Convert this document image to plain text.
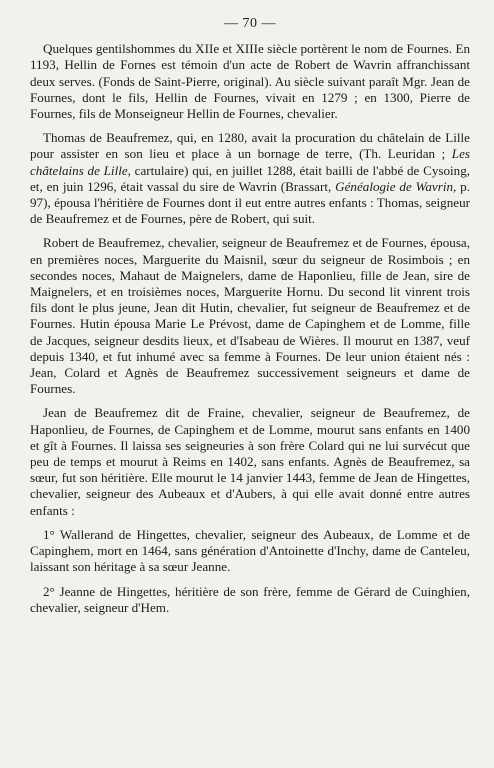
— 70 —

Quelques gentilshommes du XIIe et XIIIe siècle portèrent le nom de Fournes. En 1193, Hellin de Fornes est témoin d'un acte de Robert de Wavrin affranchissant deux serves. (Fonds de Saint-Pierre, original). Au siècle suivant paraît Mgr. Jean de Fournes, dont le fils, Hellin de Fournes, vivait en 1279 ; en 1300, Pierre de Fournes, fils de Monseigneur Hellin de Fournes, chevalier.

Thomas de Beaufremez, qui, en 1280, avait la procuration du châtelain de Lille pour assister en son lieu et place à un bornage de terre, (Th. Leuridan ; Les châtelains de Lille, cartulaire) qui, en juillet 1288, était bailli de l'abbé de Cysoing, et, en juin 1296, était vassal du sire de Wavrin (Brassart, Généalogie de Wavrin, p. 97), épousa l'héritière de Fournes dont il eut entre autres enfants : Thomas, seigneur de Beaufremez et de Fournes, père de Robert, qui suit.

Robert de Beaufremez, chevalier, seigneur de Beaufremez et de Fournes, épousa, en premières noces, Marguerite du Maisnil, sœur du seigneur de Rosimbois ; en secondes noces, Mahaut de Maignelers, dame de Haponlieu, fille de Jean, sire de Maignelers, et en troisièmes noces, Marguerite Hornu. Du second lit vinrent trois fils dont le plus jeune, Jean dit Hutin, chevalier, fut seigneur de Beaufremez et de Fournes. Hutin épousa Marie Le Prévost, dame de Capinghem et de Lomme, fille de Jacques, seigneur desdits lieux, et d'Isabeau de Wières. Il mourut en 1387, veuf depuis 1340, et fut inhumé avec sa femme à Fournes. De leur union étaient nés : Jean, Colard et Agnès de Beaufremez successivement seigneurs et dame de Fournes.

Jean de Beaufremez dit de Fraine, chevalier, seigneur de Beaufremez, de Haponlieu, de Fournes, de Capinghem et de Lomme, mourut sans enfants en 1400 et gît à Fournes. Il laissa ses seigneuries à son frère Colard qui ne lui survécut que peu de temps et mourut à Reims en 1402, sans enfants. Agnès de Beaufremez, sa sœur, fut son héritière. Elle mourut le 14 janvier 1443, femme de Jean de Hingettes, chevalier, seigneur des Aubeaux et d'Aubers, à qui elle avait donné entre autres enfants :

1° Wallerand de Hingettes, chevalier, seigneur des Aubeaux, de Lomme et de Capinghem, mort en 1464, sans génération d'Antoinette d'Inchy, dame de Canteleu, laissant son héritage à sa sœur Jeanne.

2° Jeanne de Hingettes, héritière de son frère, femme de Gérard de Cuinghien, chevalier, seigneur d'Hem.
